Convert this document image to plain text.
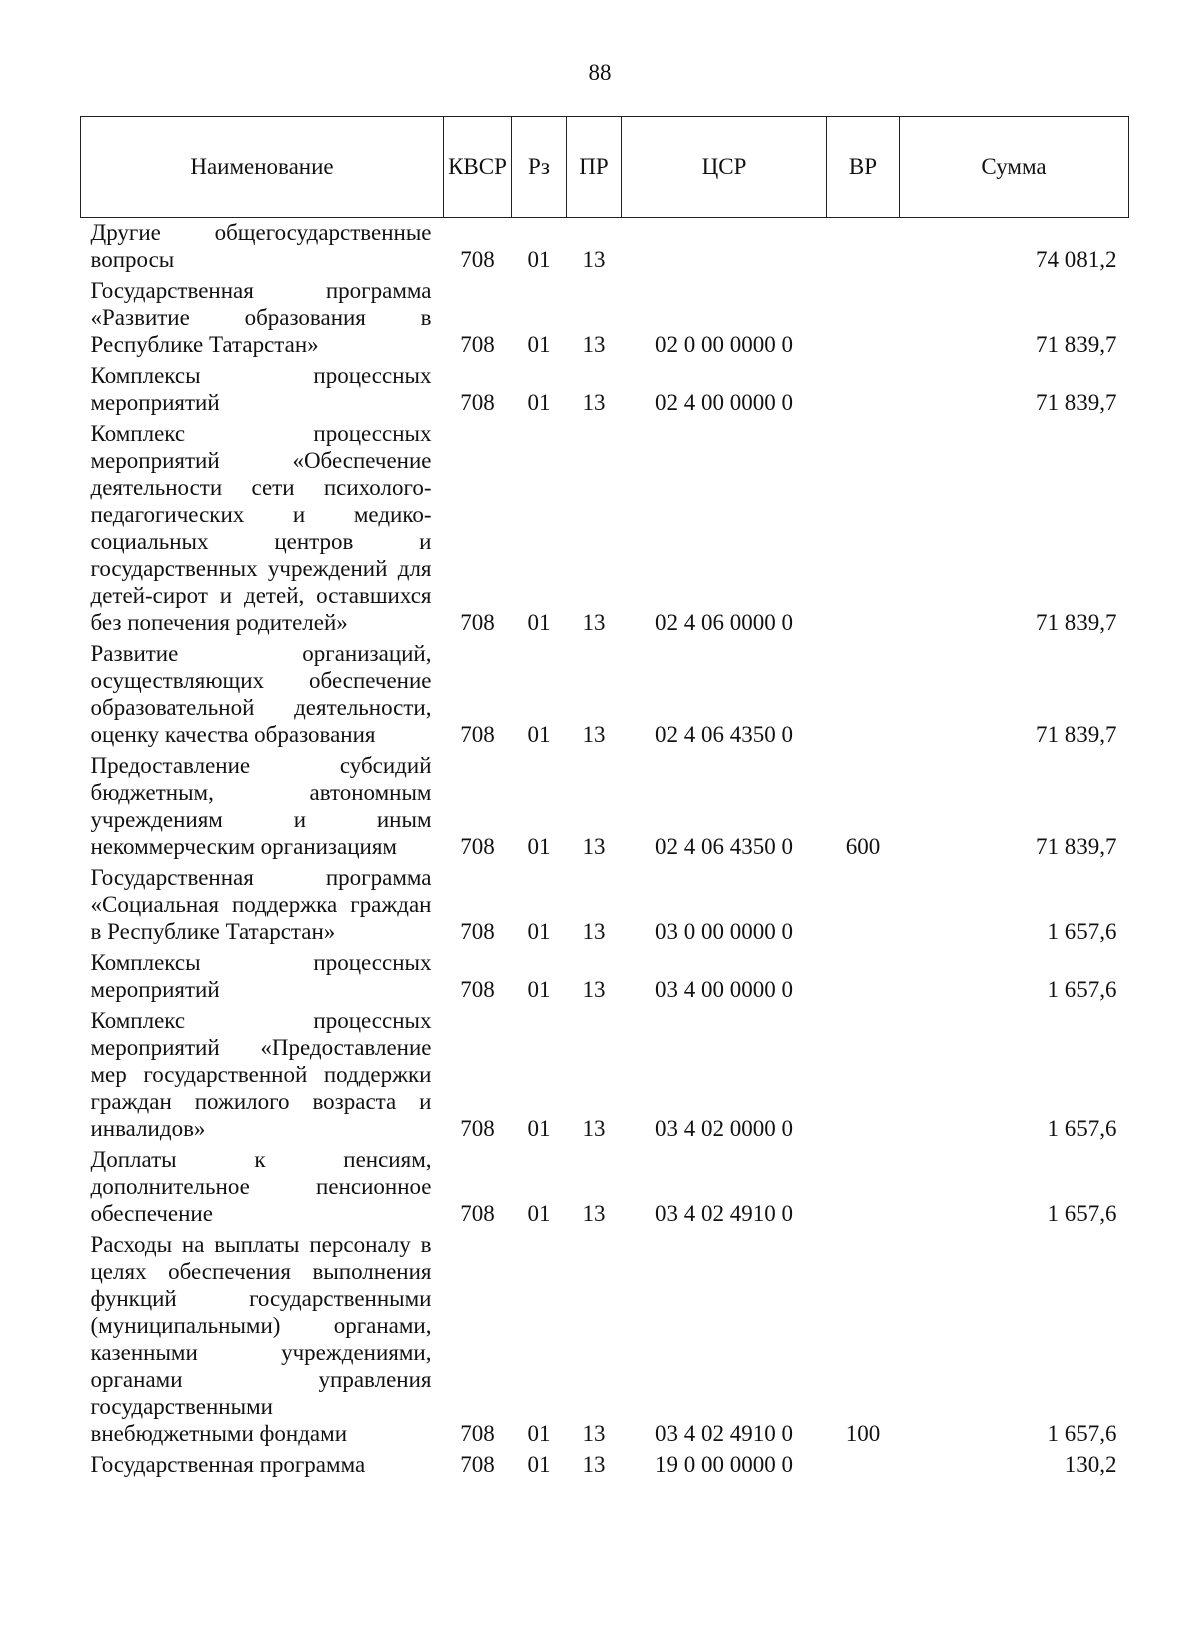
88
Наименование	КВСР	Рз	ПР	ЦСР	ВР	Сумма
Другие общегосударственные вопросы	708	01	13			74 081,2
Государственная программа «Развитие образования в Республике Татарстан»	708	01	13	02 0 00 0000 0		71 839,7
Комплексы процессных мероприятий	708	01	13	02 4 00 0000 0		71 839,7
Комплекс процессных мероприятий «Обеспечение деятельности сети психолого-педагогических и медико-социальных центров и государственных учреждений для детей-сирот и детей, оставшихся без попечения родителей»	708	01	13	02 4 06 0000 0		71 839,7
Развитие организаций, осуществляющих обеспечение образовательной деятельности, оценку качества образования	708	01	13	02 4 06 4350 0		71 839,7
Предоставление субсидий бюджетным, автономным учреждениям и иным некоммерческим организациям	708	01	13	02 4 06 4350 0	600	71 839,7
Государственная программа «Социальная поддержка граждан в Республике Татарстан»	708	01	13	03 0 00 0000 0		1 657,6
Комплексы процессных мероприятий	708	01	13	03 4 00 0000 0		1 657,6
Комплекс процессных мероприятий «Предоставление мер государственной поддержки граждан пожилого возраста и инвалидов»	708	01	13	03 4 02 0000 0		1 657,6
Доплаты к пенсиям, дополнительное пенсионное обеспечение	708	01	13	03 4 02 4910 0		1 657,6
Расходы на выплаты персоналу в целях обеспечения выполнения функций государственными (муниципальными) органами, казенными учреждениями, органами управления государственными внебюджетными фондами	708	01	13	03 4 02 4910 0	100	1 657,6
Государственная программа	708	01	13	19 0 00 0000 0		130,2
